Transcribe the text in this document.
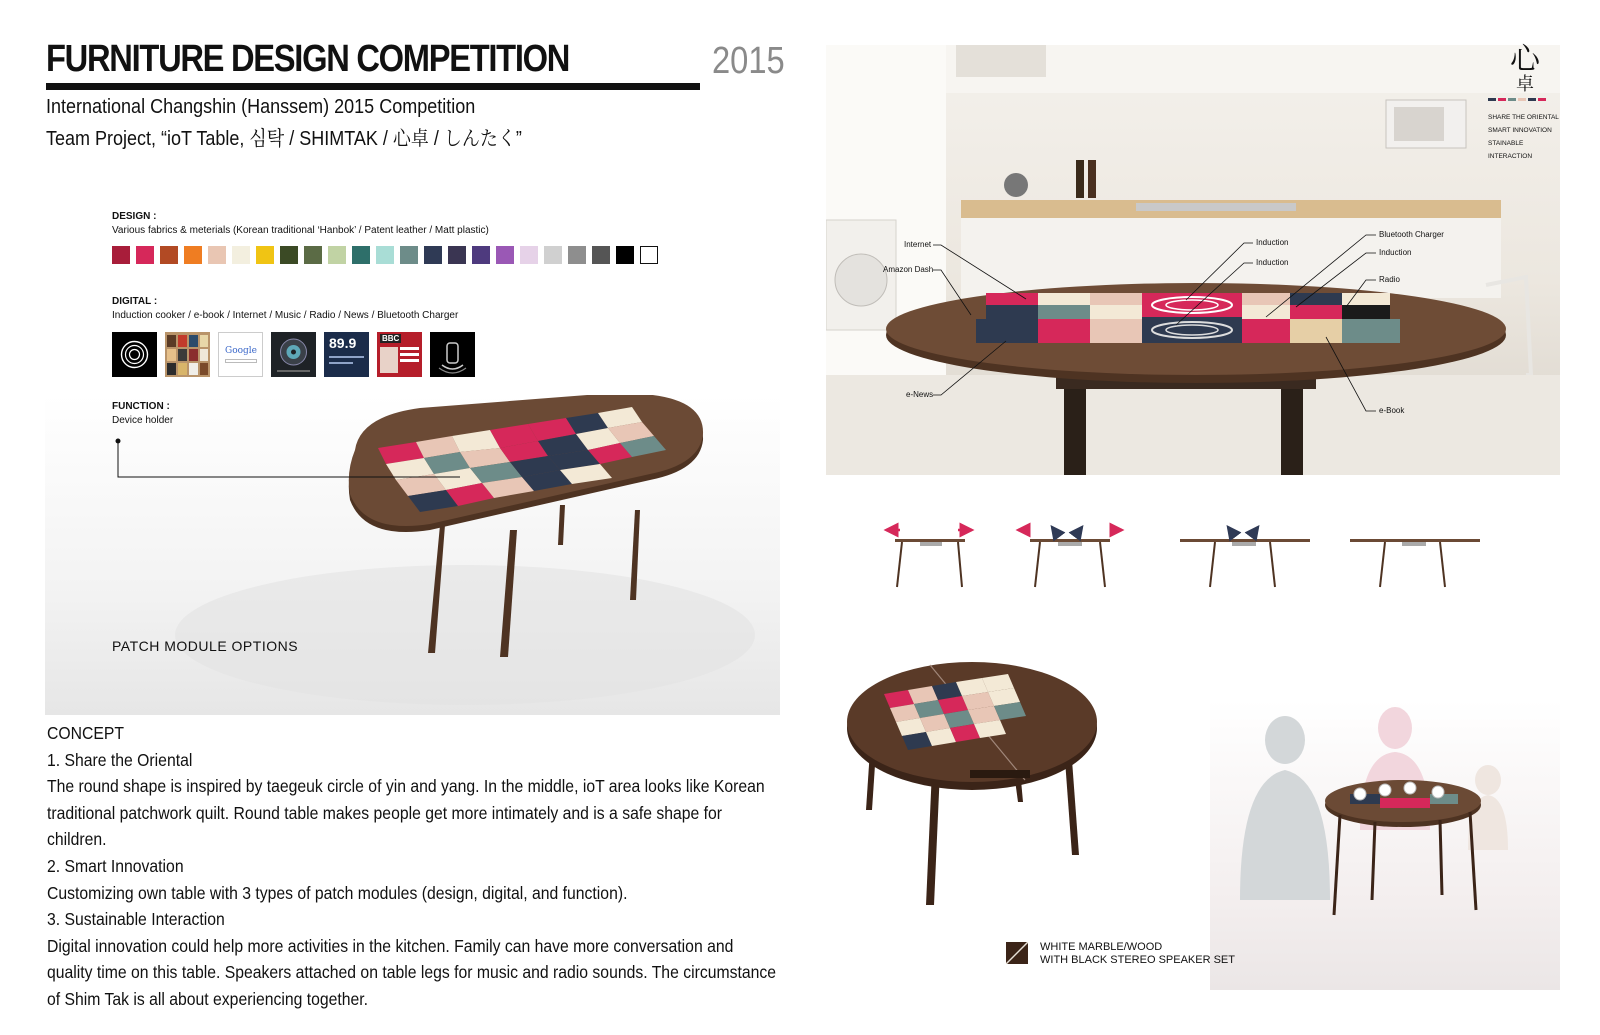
FURNITURE DESIGN COMPETITION	2015
International Changshin (Hanssem) 2015 Competition
Team Project, “ioT Table, 심탁 / SHIMTAK / 心卓 / しんたく”
DESIGN :
Various fabrics & meterials (Korean traditional ‘Hanbok’ / Patent leather / Matt plastic)
DIGITAL :
Induction cooker / e-book / Internet / Music / Radio / News / Bluetooth Charger
Google	89.9	BBC
FUNCTION :
Device holder
PATCH MODULE OPTIONS

CONCEPT

1. Share the Oriental

The round shape is inspired by taegeuk circle of yin and yang. In the middle, ioT area looks like Korean traditional patchwork quilt. Round table makes people get more intimately and is a safe shape for children.

2. Smart Innovation

Customizing own table with 3 types of patch modules (design, digital, and function).

3. Sustainable Interaction

Digital innovation could help more activities in the kitchen. Family can have more conversation and quality time on this table. Speakers attached on table legs for music and radio sounds. The circumstance of Shim Tak is all about experiencing together.

Internet
Amazon Dash
e-News
Induction
Induction
Bluetooth Charger
Induction
Radio
e-Book
心
卓
SHARE THE ORIENTAL
SMART INNOVATION
STAINABLE INTERACTION
WHITE MARBLE/WOOD
WITH BLACK STEREO SPEAKER SET
